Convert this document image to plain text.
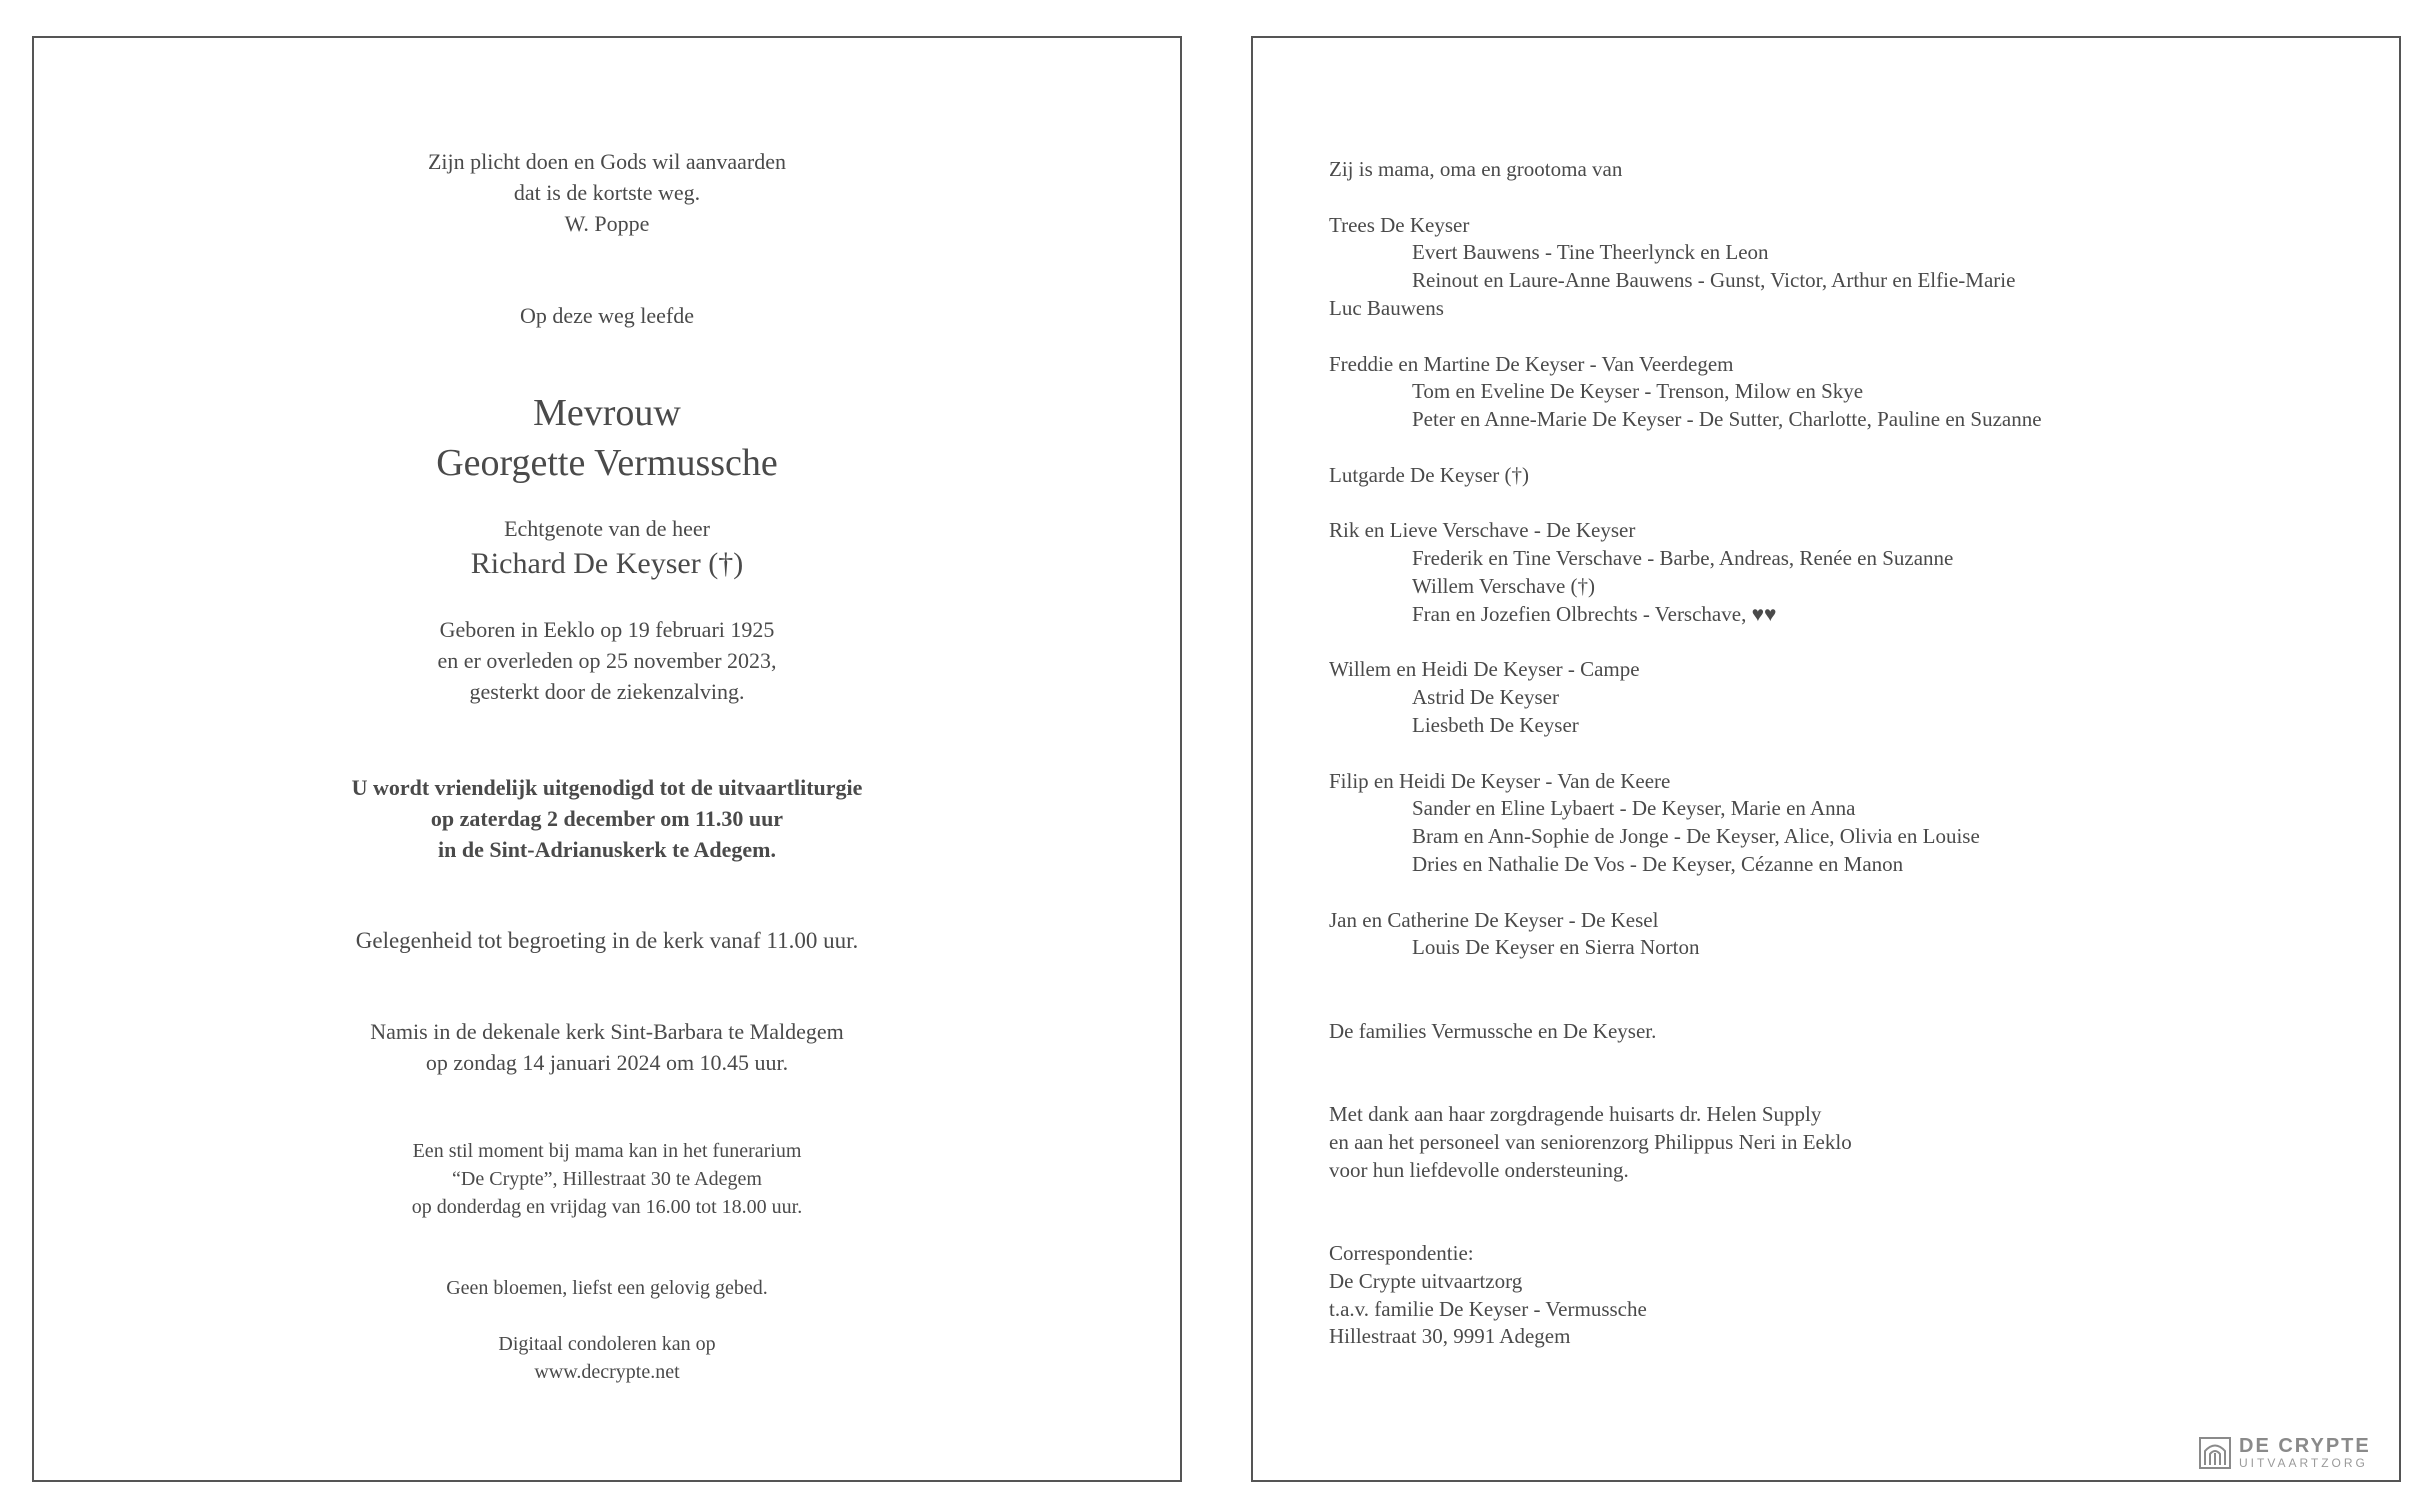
Zijn plicht doen en Gods wil aanvaarden
dat is de kortste weg.
W. Poppe
Op deze weg leefde
Mevrouw
Georgette Vermussche
Echtgenote van de heer
Richard De Keyser (†)
Geboren in Eeklo op 19 februari 1925
en er overleden op 25 november 2023,
gesterkt door de ziekenzalving.
U wordt vriendelijk uitgenodigd tot de uitvaartliturgie
op zaterdag 2 december om 11.30 uur
in de Sint-Adrianuskerk te Adegem.
Gelegenheid tot begroeting in de kerk vanaf 11.00 uur.
Namis in de dekenale kerk Sint-Barbara te Maldegem
op zondag 14 januari 2024 om 10.45 uur.
Een stil moment bij mama kan in het funerarium
“De Crypte”, Hillestraat 30 te Adegem
op donderdag en vrijdag van 16.00 tot 18.00 uur.
Geen bloemen, liefst een gelovig gebed.
Digitaal condoleren kan op
www.decrypte.net
Zij is mama, oma en grootoma van
Trees De Keyser
Evert Bauwens - Tine Theerlynck en Leon
Reinout en Laure-Anne Bauwens - Gunst, Victor, Arthur en Elfie-Marie
Luc Bauwens
Freddie en Martine De Keyser - Van Veerdegem
Tom en Eveline De Keyser - Trenson, Milow en Skye
Peter en Anne-Marie De Keyser - De Sutter, Charlotte, Pauline en Suzanne
Lutgarde De Keyser (†)
Rik en Lieve Verschave - De Keyser
Frederik en Tine Verschave - Barbe, Andreas, Renée en Suzanne
Willem Verschave (†)
Fran en Jozefien Olbrechts - Verschave, ♥♥
Willem en Heidi De Keyser - Campe
Astrid De Keyser
Liesbeth De Keyser
Filip en Heidi De Keyser - Van de Keere
Sander en Eline Lybaert - De Keyser, Marie en Anna
Bram en Ann-Sophie de Jonge - De Keyser, Alice, Olivia en Louise
Dries en Nathalie De Vos - De Keyser, Cézanne en Manon
Jan en Catherine De Keyser - De Kesel
Louis De Keyser en Sierra Norton
De families Vermussche en De Keyser.
Met dank aan haar zorgdragende huisarts dr. Helen Supply
en aan het personeel van seniorenzorg Philippus Neri in Eeklo
voor hun liefdevolle ondersteuning.
Correspondentie:
De Crypte uitvaartzorg
t.a.v. familie De Keyser - Vermussche
Hillestraat 30, 9991 Adegem
DE CRYPTE
UITVAARTZORG
